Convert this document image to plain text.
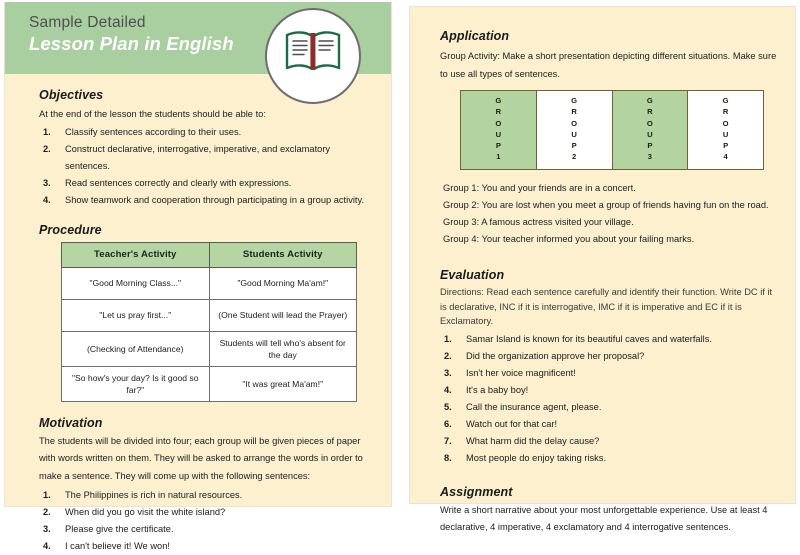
Sample Detailed
Lesson Plan in English
Objectives

At the end of the lesson the students should be able to:

1.	Classify sentences according to their uses.
2.	Construct declarative, interrogative, imperative, and exclamatory sentences.
3.	Read sentences correctly and clearly with expressions.
4.	Show teamwork and cooperation through participating in a group activity.
Procedure
Teacher's Activity	Students Activity
"Good Morning Class..."	"Good Morning Ma'am!"
"Let us pray first..."	(One Student will lead the Prayer)
(Checking of Attendance)	Students will tell who's absent for the day
"So how's your day? Is it good so far?"	"It was great Ma'am!"
Motivation

The students will be divided into four; each group will be given pieces of paper with words written on them. They will be asked to arrange the words in order to make a sentence. They will come up with the following sentences:

1.	The Philippines is rich in natural resources.
2.	When did you go visit the white island?
3.	Please give the certificate.
4.	I can't believe it! We won!
Application

Group Activity: Make a short presentation depicting different situations. Make sure to use all types of sentences.

G
R
O
U
P
1
G
R
O
U
P
2
G
R
O
U
P
3
G
R
O
U
P
4

Group 1: You and your friends are in a concert.

Group 2: You are lost when you meet a group of friends having fun on the road.

Group 3: A famous actress visited your village.

Group 4: Your teacher informed you about your failing marks.

Evaluation

Directions: Read each sentence carefully and identify their function. Write DC if it is declarative, INC if it is interrogative, IMC if it is imperative and EC if it is Exclamatory.

1.	Samar Island is known for its beautiful caves and waterfalls.
2.	Did the organization approve her proposal?
3.	Isn't her voice magnificent!
4.	It's a baby boy!
5.	Call the insurance agent, please.
6.	Watch out for that car!
7.	What harm did the delay cause?
8.	Most people do enjoy taking risks.
Assignment

Write a short narrative about your most unforgettable experience. Use at least 4 declarative, 4 imperative, 4 exclamatory and 4 interrogative sentences.
